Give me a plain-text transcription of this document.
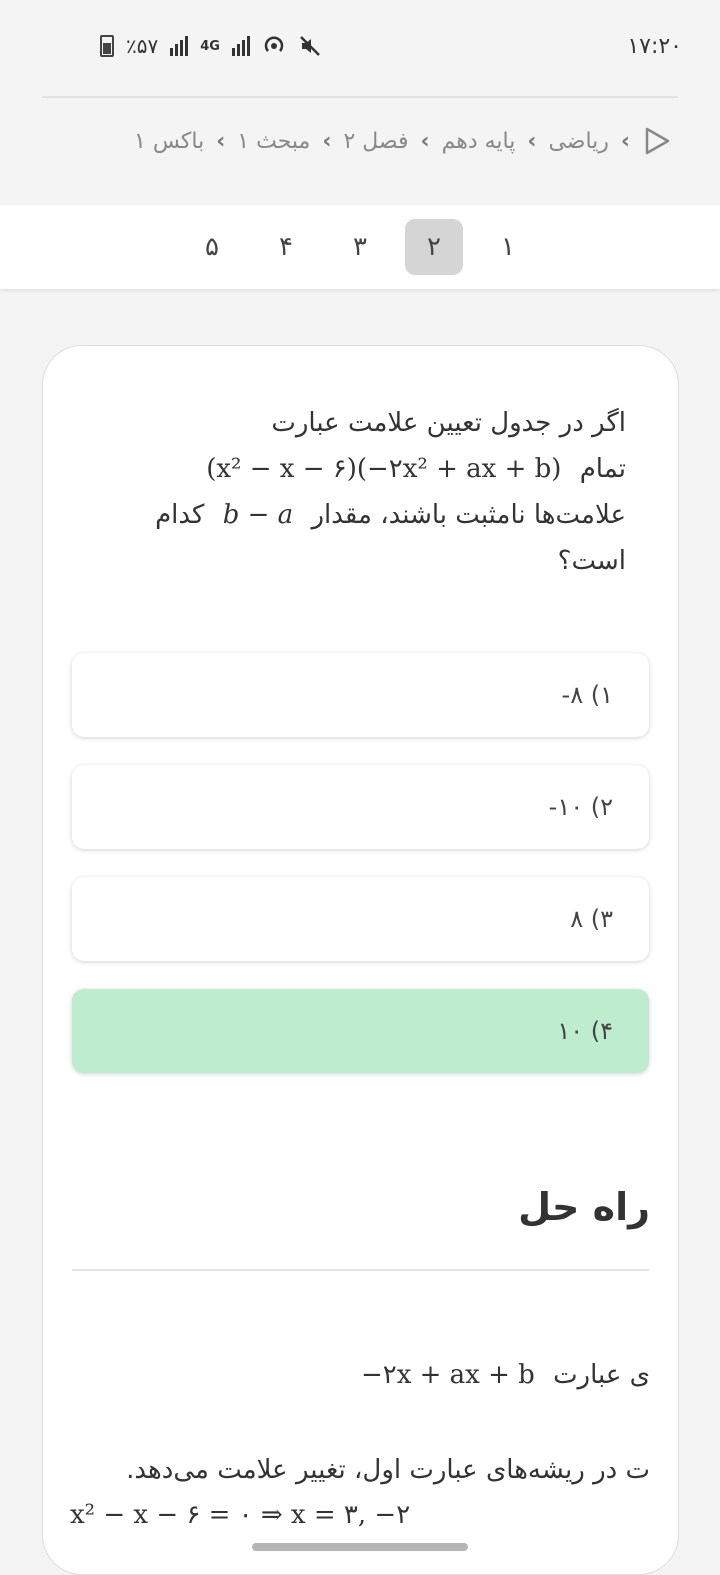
٪۵۷	4G	۱۷:۲۰
‹
ریاضی
‹
پایه دهم
‹
فصل ۲
‹
مبحث ۱
‹
باکس ۱
۱
۲
۳
۴
۵
اگر در جدول تعیین علامت عبارت
تمام (x² − x − ۶)(−۲x² + ax + b)
علامت‌ها نامثبت باشند، مقدار b − a کدام
است؟
۱) ۸-
۲) ۱۰-
۳) ۸
۴) ۱۰
راه حل
ی عبارت −۲x + ax + b
ت در ریشه‌های عبارت اول، تغییر علامت می‌دهد.
x² − x − ۶ = ۰ ⇒ x = ۳, −۲
